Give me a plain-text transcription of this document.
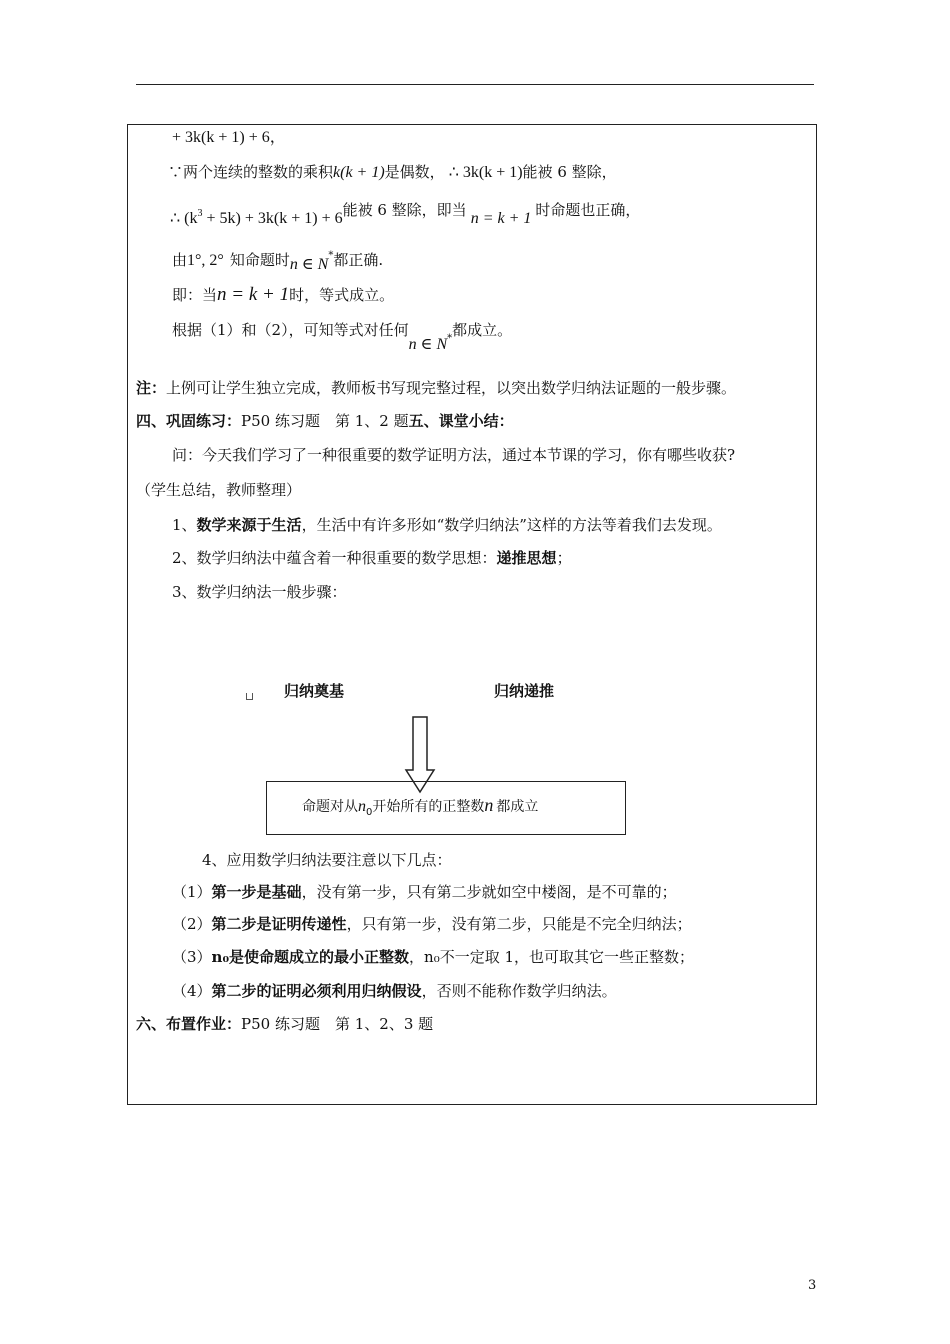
+ 3k(k + 1) + 6，
∵两个连续的整数的乘积k(k + 1)是偶数， ∴ 3k(k + 1)能被 6 整除，
∴ $(k^3 + 5k) + 3k(k + 1) + 6$能被 6 整除，即当 n = k + 1 时命题也正确，
由1°, 2° 知命题时n ∈ N*都正确.
即：当n = k + 1时，等式成立。
根据（1）和（2），可知等式对任何n ∈ $N_*$都成立。
注：上例可让学生独立完成，教师板书写现完整过程，以突出数学归纳法证题的一般步骤。
四、巩固练习：P50 练习题　第 1、2 题五、课堂小结：
问：今天我们学习了一种很重要的数学证明方法，通过本节课的学习，你有哪些收获?
（学生总结，教师整理）
1、数学来源于生活，生活中有许多形如“数学归纳法”这样的方法等着我们去发现。
2、数学归纳法中蕴含着一种很重要的数学思想：递推思想；
3、数学归纳法一般步骤：
归纳奠基	归纳递推
命题对从$n_0$开始所有的正整数n 都成立
4、应用数学归纳法要注意以下几点：
（1）第一步是基础，没有第一步，只有第二步就如空中楼阁，是不可靠的；
（2）第二步是证明传递性，只有第一步，没有第二步，只能是不完全归纳法；
（3）n₀是使命题成立的最小正整数，n₀不一定取 1，也可取其它一些正整数；
（4）第二步的证明必须利用归纳假设，否则不能称作数学归纳法。
六、布置作业：P50 练习题　第 1、2、3 题
3
